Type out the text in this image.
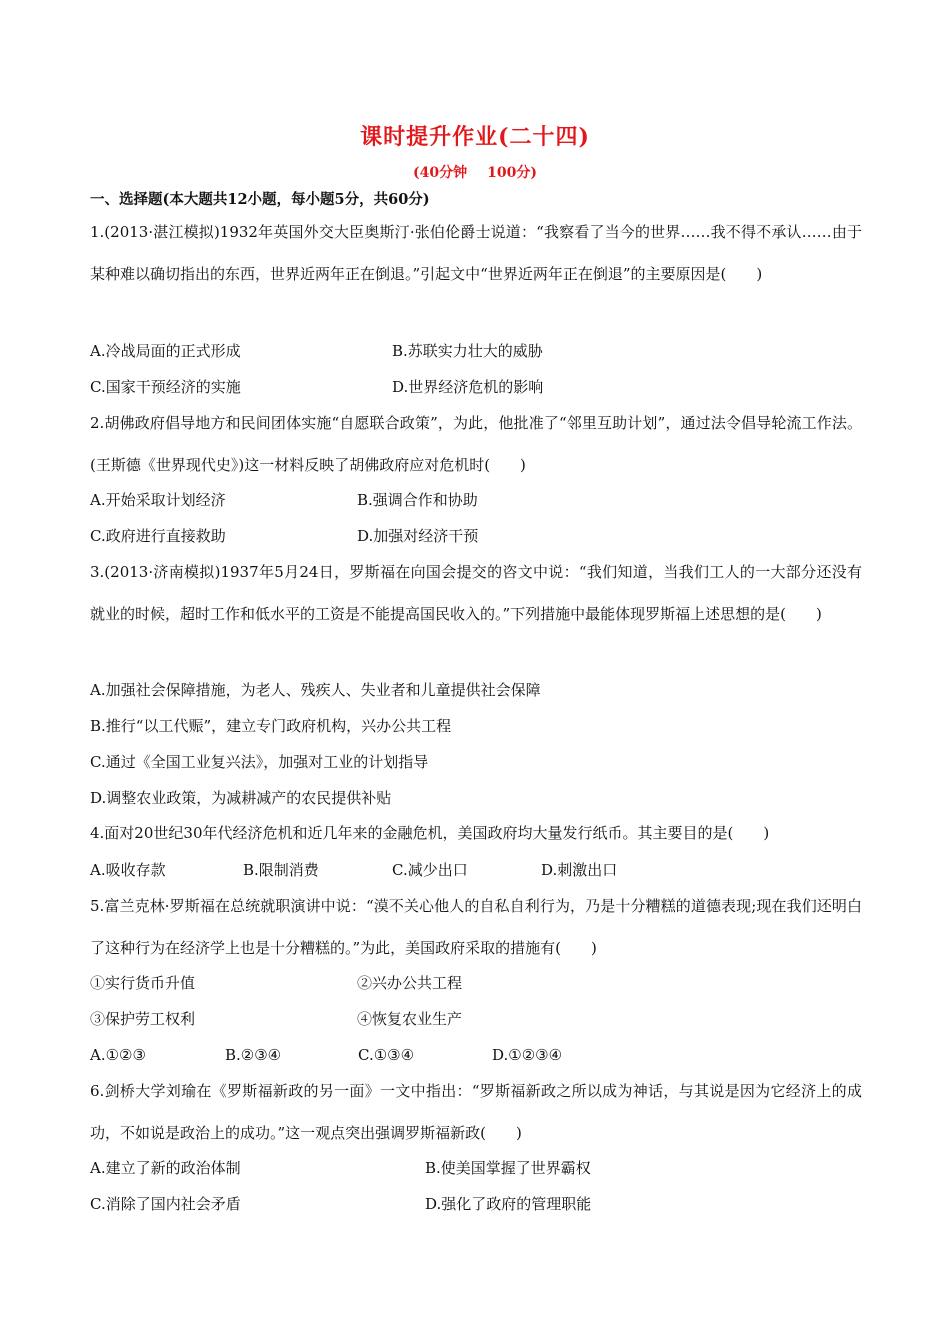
课时提升作业(二十四)
(40分钟 100分)
一、选择题(本大题共12小题，每小题5分，共60分)

1.(2013·湛江模拟)1932年英国外交大臣奥斯汀·张伯伦爵士说道：“我察看了当今的世界……我不得不承认……由于某种难以确切指出的东西，世界近两年正在倒退。”引起文中“世界近两年正在倒退”的主要原因是(　　)

A.冷战局面的正式形成	B.苏联实力壮大的威胁
C.国家干预经济的实施	D.世界经济危机的影响

2.胡佛政府倡导地方和民间团体实施“自愿联合政策”，为此，他批准了“邻里互助计划”，通过法令倡导轮流工作法。(王斯德《世界现代史》)这一材料反映了胡佛政府应对危机时(　　)

A.开始采取计划经济	B.强调合作和协助
C.政府进行直接救助	D.加强对经济干预

3.(2013·济南模拟)1937年5月24日，罗斯福在向国会提交的咨文中说：“我们知道，当我们工人的一大部分还没有就业的时候，超时工作和低水平的工资是不能提高国民收入的。”下列措施中最能体现罗斯福上述思想的是(　　)

A.加强社会保障措施，为老人、残疾人、失业者和儿童提供社会保障
B.推行“以工代赈”，建立专门政府机构，兴办公共工程
C.通过《全国工业复兴法》，加强对工业的计划指导
D.调整农业政策，为减耕减产的农民提供补贴

4.面对20世纪30年代经济危机和近几年来的金融危机，美国政府均大量发行纸币。其主要目的是(　　)

A.吸收存款	B.限制消费	C.减少出口	D.刺激出口

5.富兰克林·罗斯福在总统就职演讲中说：“漠不关心他人的自私自利行为，乃是十分糟糕的道德表现;现在我们还明白了这种行为在经济学上也是十分糟糕的。”为此，美国政府采取的措施有(　　)

①实行货币升值	②兴办公共工程
③保护劳工权利	④恢复农业生产
A.①②③	B.②③④	C.①③④	D.①②③④

6.剑桥大学刘瑜在《罗斯福新政的另一面》一文中指出：“罗斯福新政之所以成为神话，与其说是因为它经济上的成功，不如说是政治上的成功。”这一观点突出强调罗斯福新政(　　)

A.建立了新的政治体制	B.使美国掌握了世界霸权
C.消除了国内社会矛盾	D.强化了政府的管理职能
